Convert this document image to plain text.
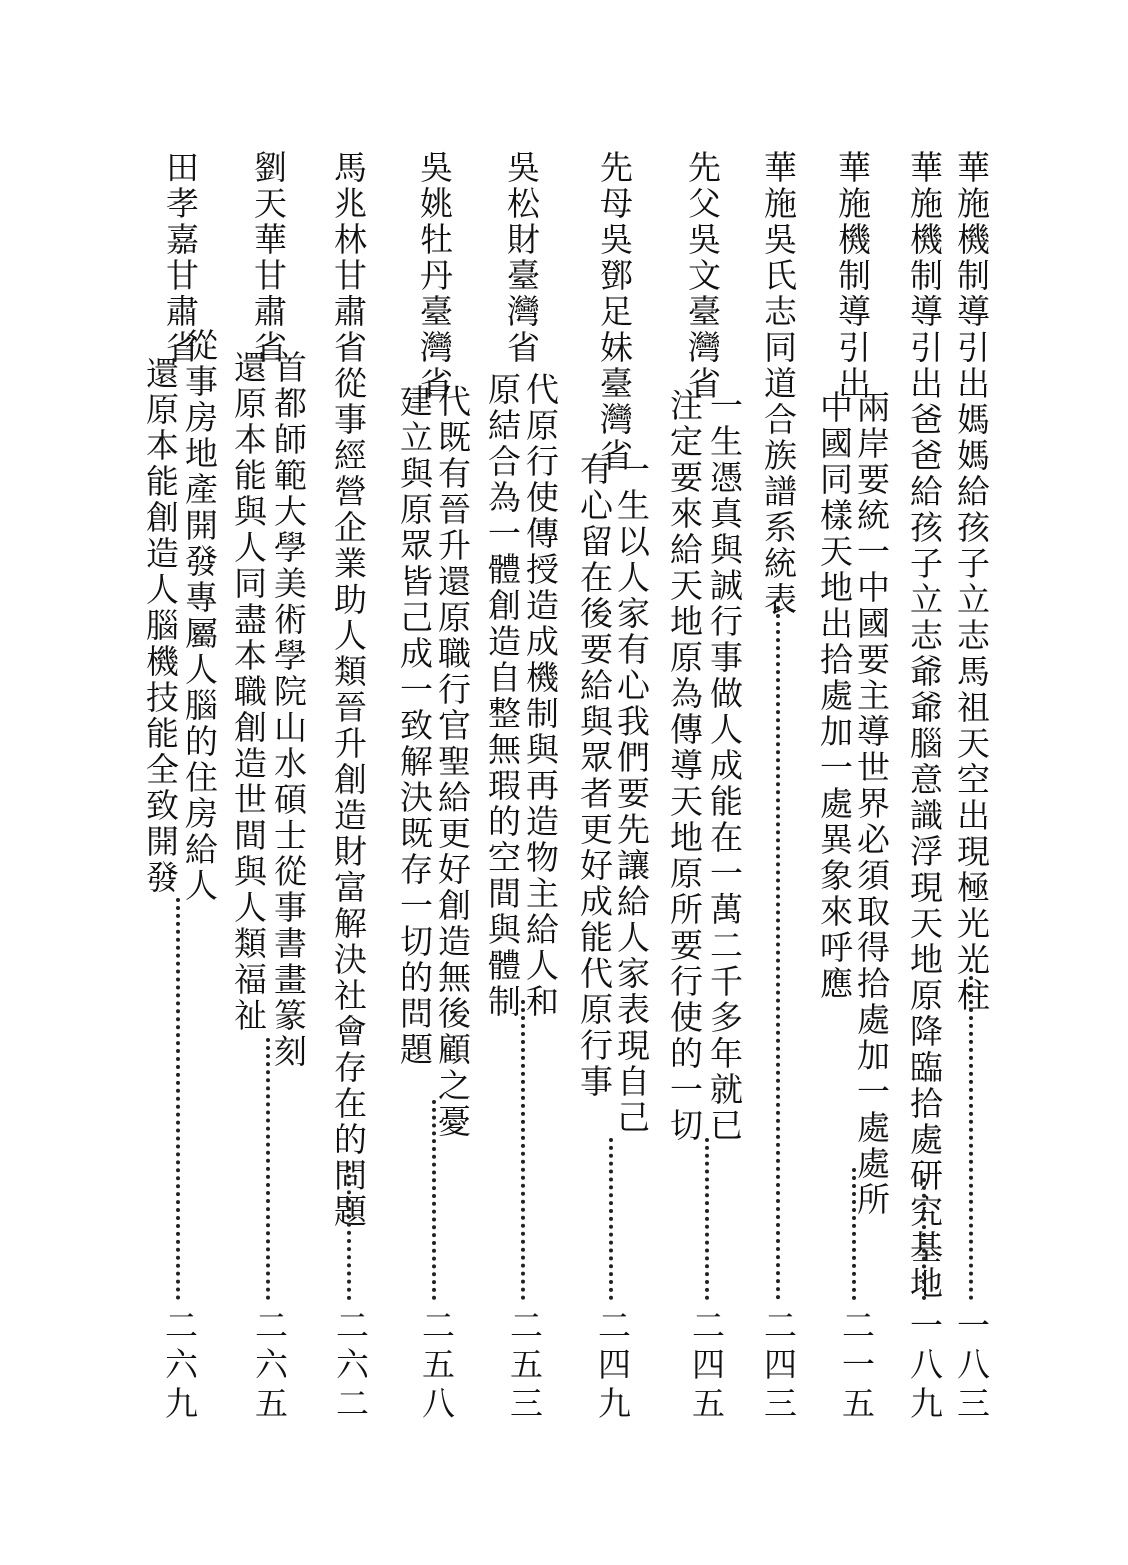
華施機制導引出媽媽給孩子立志馬祖天空出現極光光柱
一八三
華施機制導引出爸爸給孩子立志爺爺腦意識浮現天地原降臨拾處研究基地
一八九
華施機制導引出
兩岸要統一中國要主導世界必須取得拾處加一處處所
中國同樣天地出拾處加一處異象來呼應
二一五
華施吳氏志同道合族譜系統表
二四三
先父吳文臺灣省
一生憑真與誠行事做人成能在一萬二千多年就已
注定要來給天地原為傳導天地原所要行使的一切
二四五
先母吳鄧足妹臺灣省
一生以人家有心我們要先讓給人家表現自己
有心留在後要給與眾者更好成能代原行事
二四九
吳松財臺灣省
代原行使傳授造成機制與再造物主給人和
原結合為一體創造自整無瑕的空間與體制
二五三
吳姚牡丹臺灣省
代既有晉升還原職行官聖給更好創造無後顧之憂
建立與原眾皆己成一致解決既存一切的問題
二五八
馬兆林甘肅省從事經營企業助人類晉升創造財富解決社會存在的問題
二六二
劉天華甘肅省
首都師範大學美術學院山水碩士從事書畫篆刻
還原本能與人同盡本職創造世間與人類福祉
二六五
田孝嘉甘肅省
從事房地產開發專屬人腦的住房給人
還原本能創造人腦機技能全致開發
二六九
